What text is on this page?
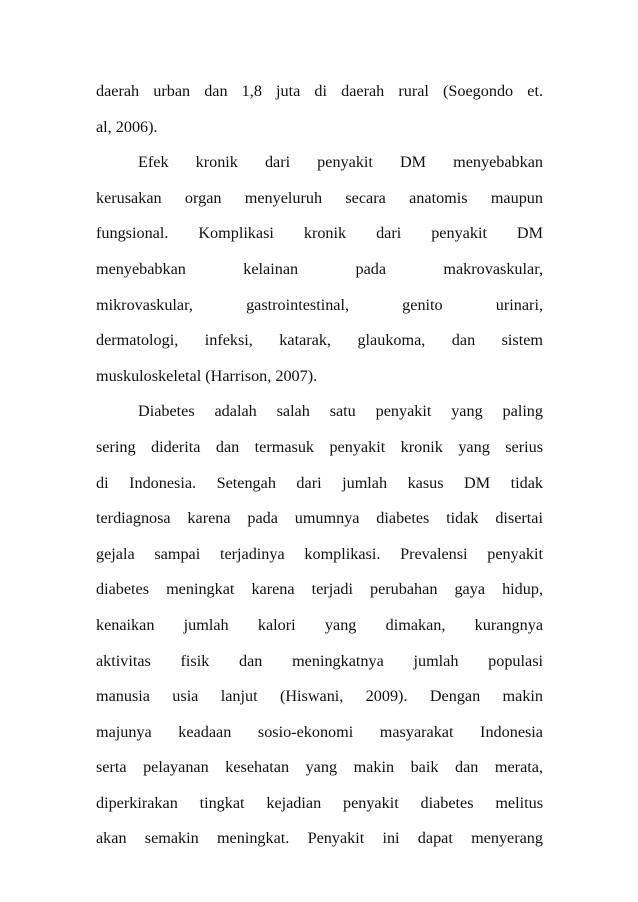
daerah urban dan 1,8 juta di daerah rural (Soegondo et.
al, 2006).
Efek kronik dari penyakit DM menyebabkan
kerusakan organ menyeluruh secara anatomis maupun
fungsional. Komplikasi kronik dari penyakit DM
menyebabkan kelainan pada makrovaskular,
mikrovaskular, gastrointestinal, genito urinari,
dermatologi, infeksi, katarak, glaukoma, dan sistem
muskuloskeletal (Harrison, 2007).
Diabetes adalah salah satu penyakit yang paling
sering diderita dan termasuk penyakit kronik yang serius
di Indonesia. Setengah dari jumlah kasus DM tidak
terdiagnosa karena pada umumnya diabetes tidak disertai
gejala sampai terjadinya komplikasi. Prevalensi penyakit
diabetes meningkat karena terjadi perubahan gaya hidup,
kenaikan jumlah kalori yang dimakan, kurangnya
aktivitas fisik dan meningkatnya jumlah populasi
manusia usia lanjut (Hiswani, 2009). Dengan makin
majunya keadaan sosio-ekonomi masyarakat Indonesia
serta pelayanan kesehatan yang makin baik dan merata,
diperkirakan tingkat kejadian penyakit diabetes melitus
akan semakin meningkat. Penyakit ini dapat menyerang
